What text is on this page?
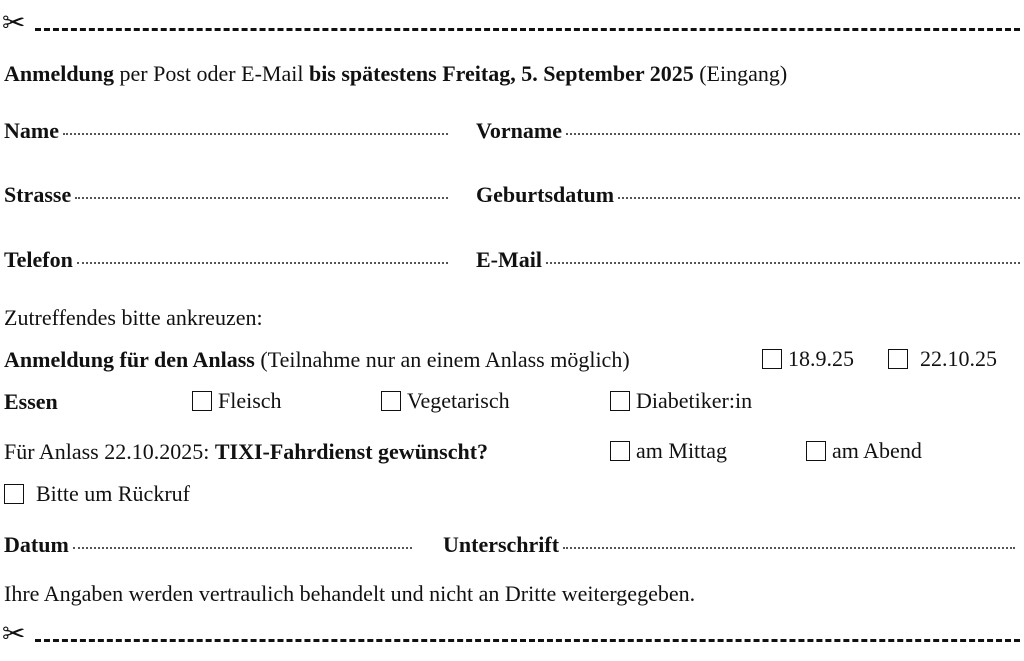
✂
Anmeldung per Post oder E-Mail bis spätestens Freitag, 5. September 2025 (Eingang)
Name	Vorname
Strasse	Geburtsdatum
Telefon	E-Mail
Zutreffendes bitte ankreuzen:
Anmeldung für den Anlass (Teilnahme nur an einem Anlass möglich)	18.9.25	22.10.25
Essen	Fleisch	Vegetarisch	Diabetiker:in
Für Anlass 22.10.2025: TIXI-Fahrdienst gewünscht?	am Mittag	am Abend
Bitte um Rückruf
Datum	Unterschrift
Ihre Angaben werden vertraulich behandelt und nicht an Dritte weitergegeben.
✂
